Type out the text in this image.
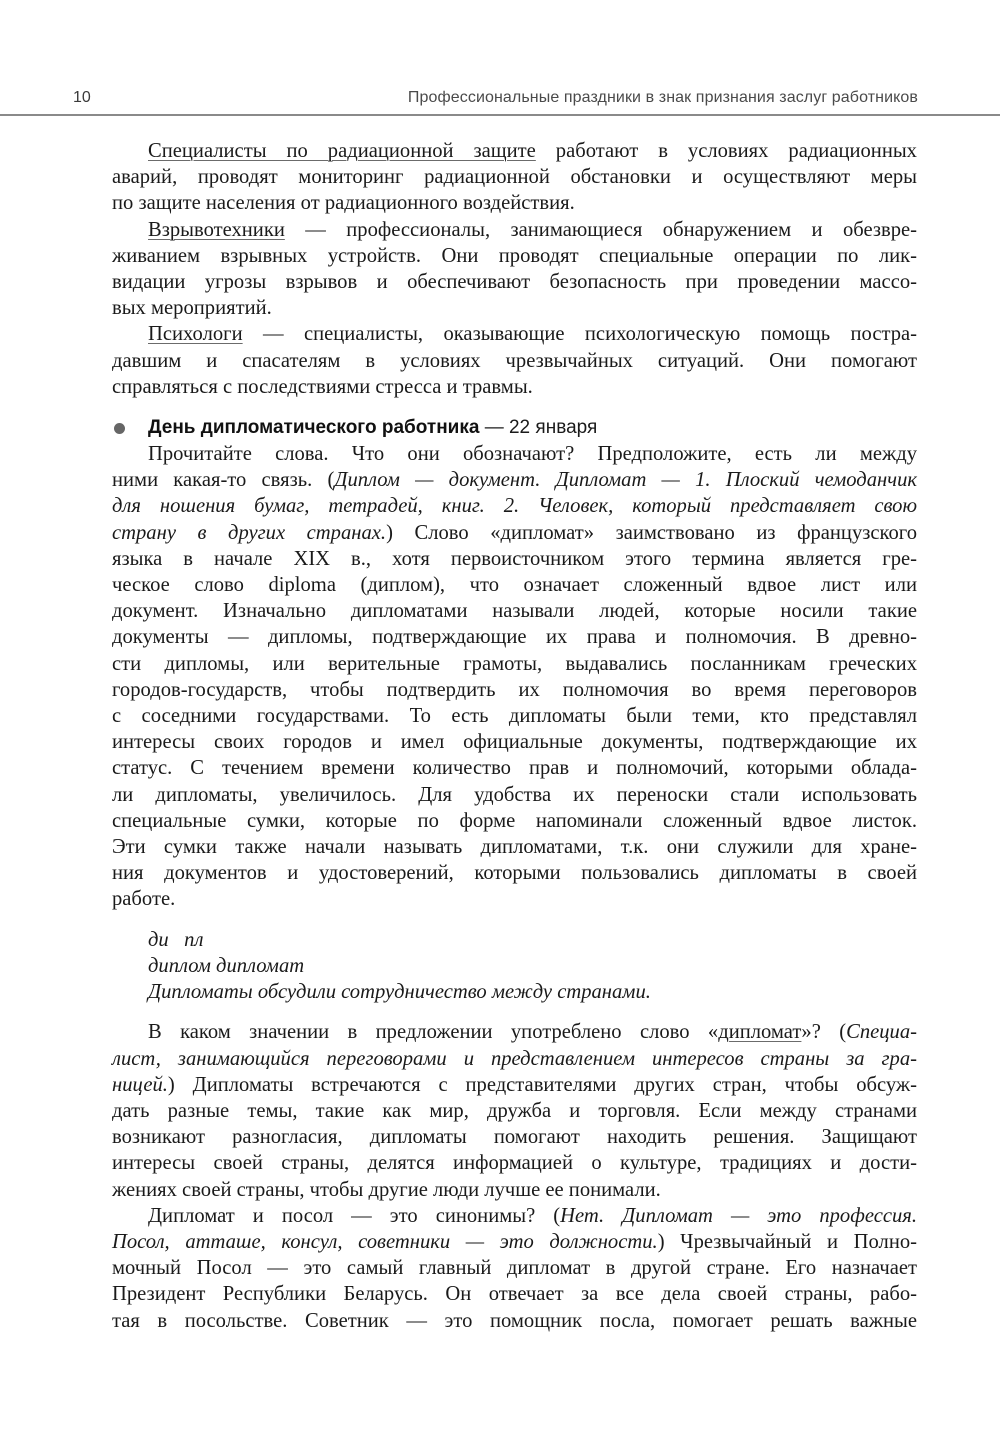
10	Профессиональные праздники в знак признания заслуг работников

Специалисты по радиационной защите работают в условиях радиационных
аварий, проводят мониторинг радиационной обстановки и осуществляют меры
по защите населения от радиационного воздействия.

Взрывотехники — профессионалы, занимающиеся обнаружением и обезвре-
живанием взрывных устройств. Они проводят специальные операции по лик-
видации угрозы взрывов и обеспечивают безопасность при проведении массо-
вых мероприятий.

Психологи — специалисты, оказывающие психологическую помощь постра-
давшим и спасателям в условиях чрезвычайных ситуаций. Они помогают
справляться с последствиями стресса и травмы.

День дипломатического работника — 22 января

Прочитайте слова. Что они обозначают? Предположите, есть ли между
ними какая-то связь. (Диплом — документ. Дипломат — 1. Плоский чемоданчик
для ношения бумаг, тетрадей, книг. 2. Человек, который представляет свою
страну в других странах.) Слово «дипломат» заимствовано из французского
языка в начале XIX в., хотя первоисточником этого термина является гре-
ческое слово diploma (диплом), что означает сложенный вдвое лист или
документ. Изначально дипломатами называли людей, которые носили такие
документы — дипломы, подтверждающие их права и полномочия. В древно-
сти дипломы, или верительные грамоты, выдавались посланникам греческих
городов-государств, чтобы подтвердить их полномочия во время переговоров
с соседними государствами. То есть дипломаты были теми, кто представлял
интересы своих городов и имел официальные документы, подтверждающие их
статус. С течением времени количество прав и полномочий, которыми облада-
ли дипломаты, увеличилось. Для удобства их переноски стали использовать
специальные сумки, которые по форме напоминали сложенный вдвое листок.
Эти сумки также начали называть дипломатами, т.к. они служили для хране-
ния документов и удостоверений, которыми пользовались дипломаты в своей
работе.

ди   пл
диплом дипломат
Дипломаты обсудили сотрудничество между странами.

В каком значении в предложении употреблено слово «дипломат»? (Специа-
лист, занимающийся переговорами и представлением интересов страны за гра-
ницей.) Дипломаты встречаются с представителями других стран, чтобы обсуж-
дать разные темы, такие как мир, дружба и торговля. Если между странами
возникают разногласия, дипломаты помогают находить решения. Защищают
интересы своей страны, делятся информацией о культуре, традициях и дости-
жениях своей страны, чтобы другие люди лучше ее понимали.

Дипломат и посол — это синонимы? (Нет. Дипломат — это профессия.
Посол, атташе, консул, советники — это должности.) Чрезвычайный и Полно-
мочный Посол — это самый главный дипломат в другой стране. Его назначает
Президент Республики Беларусь. Он отвечает за все дела своей страны, рабо-
тая в посольстве. Советник — это помощник посла, помогает решать важные
